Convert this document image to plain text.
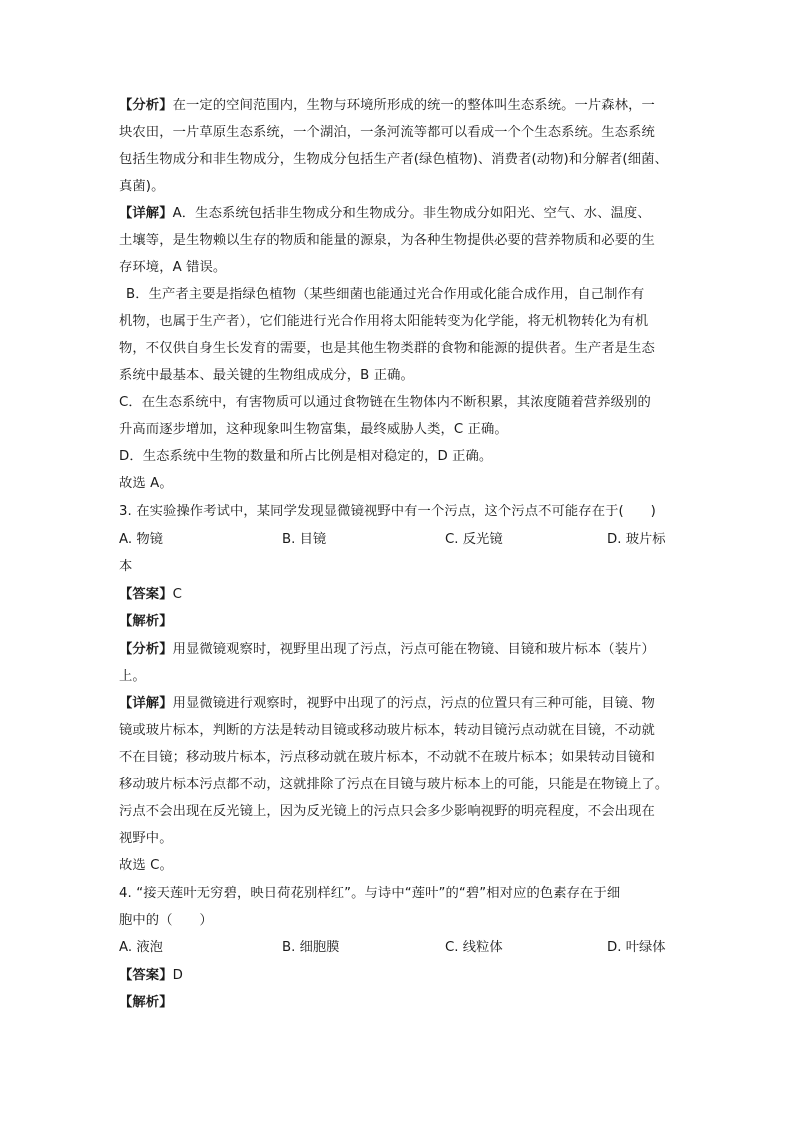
【分析】在一定的空间范围内，生物与环境所形成的统一的整体叫生态系统。一片森林，一
块农田，一片草原生态系统，一个湖泊，一条河流等都可以看成一个个生态系统。生态系统
包括生物成分和非生物成分，生物成分包括生产者(绿色植物)、消费者(动物)和分解者(细菌、
真菌)。
【详解】A．生态系统包括非生物成分和生物成分。非生物成分如阳光、空气、水、温度、
土壤等，是生物赖以生存的物质和能量的源泉，为各种生物提供必要的营养物质和必要的生
存环境，A 错误。
B．生产者主要是指绿色植物（某些细菌也能通过光合作用或化能合成作用，自己制作有
机物，也属于生产者），它们能进行光合作用将太阳能转变为化学能，将无机物转化为有机
物，不仅供自身生长发育的需要，也是其他生物类群的食物和能源的提供者。生产者是生态
系统中最基本、最关键的生物组成成分，B 正确。
C．在生态系统中，有害物质可以通过食物链在生物体内不断积累，其浓度随着营养级别的
升高而逐步增加，这种现象叫生物富集，最终威胁人类，C 正确。
D．生态系统中生物的数量和所占比例是相对稳定的，D 正确。
故选 A。
3. 在实验操作考试中，某同学发现显微镜视野中有一个污点，这个污点不可能存在于(　　)
A. 物镜	B. 目镜	C. 反光镜	D. 玻片标
本
【答案】C
【解析】
【分析】用显微镜观察时，视野里出现了污点，污点可能在物镜、目镜和玻片标本（装片）
上。
【详解】用显微镜进行观察时，视野中出现了的污点，污点的位置只有三种可能，目镜、物
镜或玻片标本，判断的方法是转动目镜或移动玻片标本，转动目镜污点动就在目镜，不动就
不在目镜；移动玻片标本，污点移动就在玻片标本，不动就不在玻片标本；如果转动目镜和
移动玻片标本污点都不动，这就排除了污点在目镜与玻片标本上的可能，只能是在物镜上了。
污点不会出现在反光镜上，因为反光镜上的污点只会多少影响视野的明亮程度，不会出现在
视野中。
故选 C。
4. “接天莲叶无穷碧，映日荷花别样红”。与诗中“莲叶”的“碧”相对应的色素存在于细
胞中的（　　）
A. 液泡	B. 细胞膜	C. 线粒体	D. 叶绿体
【答案】D
【解析】
